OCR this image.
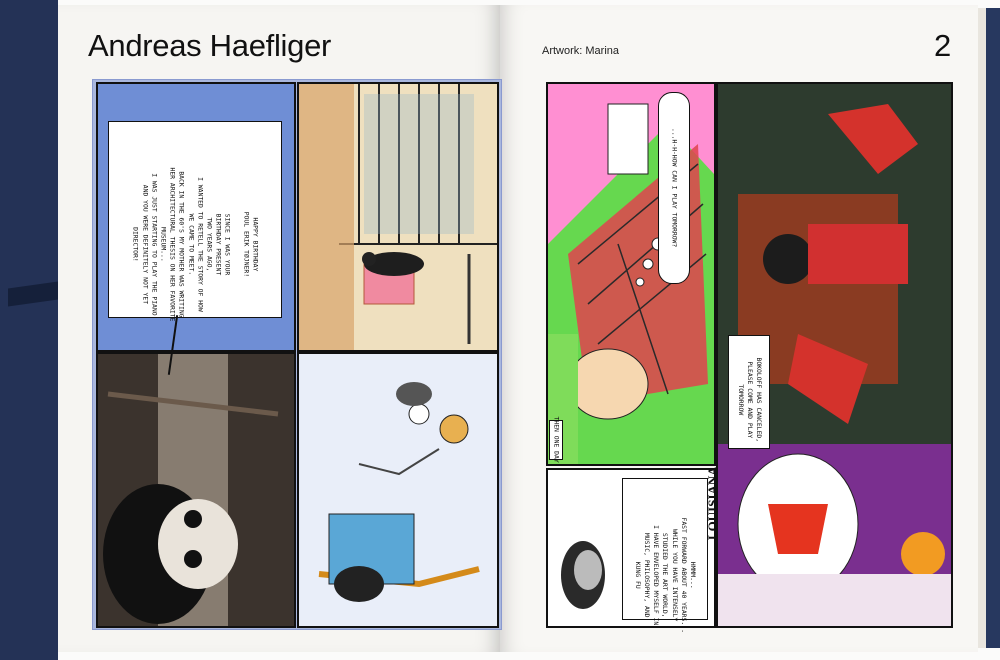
Andreas Haefliger	Artwork: Marina	2
HAPPY BIRTHDAY
POUL ERIK TØJNER!

SINCE I WAS YOUR
BIRTHDAY PRESENT
TWO YEARS AGO,
I WANTED TO RETELL THE STORY OF HOW
WE CAME TO MEET.
BACK IN THE 60'S MY MOTHER WAS WRITING
HER ARCHITECTURAL THESIS ON HER FAVORITE
MUSEUM...
I WAS JUST STARTING TO PLAY THE PIANO
AND YOU WERE DEFINITELY NOT YET
DIRECTOR!	...H-H-HOW CAN I PLAY TOMORROW?
THEN ONE DAY
HMMM...
FAST FORWARD ABOUT 40 YEARS...
WHILE YOU HAVE INTENSELY
STUDIED THE ART WORLD,
I HAVE ENVELOPED MYSELF IN
MUSIC, PHILOSOPHY, AND
KUNG FU
BOKOLOFF HAS CANCELED,
PLEASE COME AND PLAY
TOMORROW
LOUISIANA
